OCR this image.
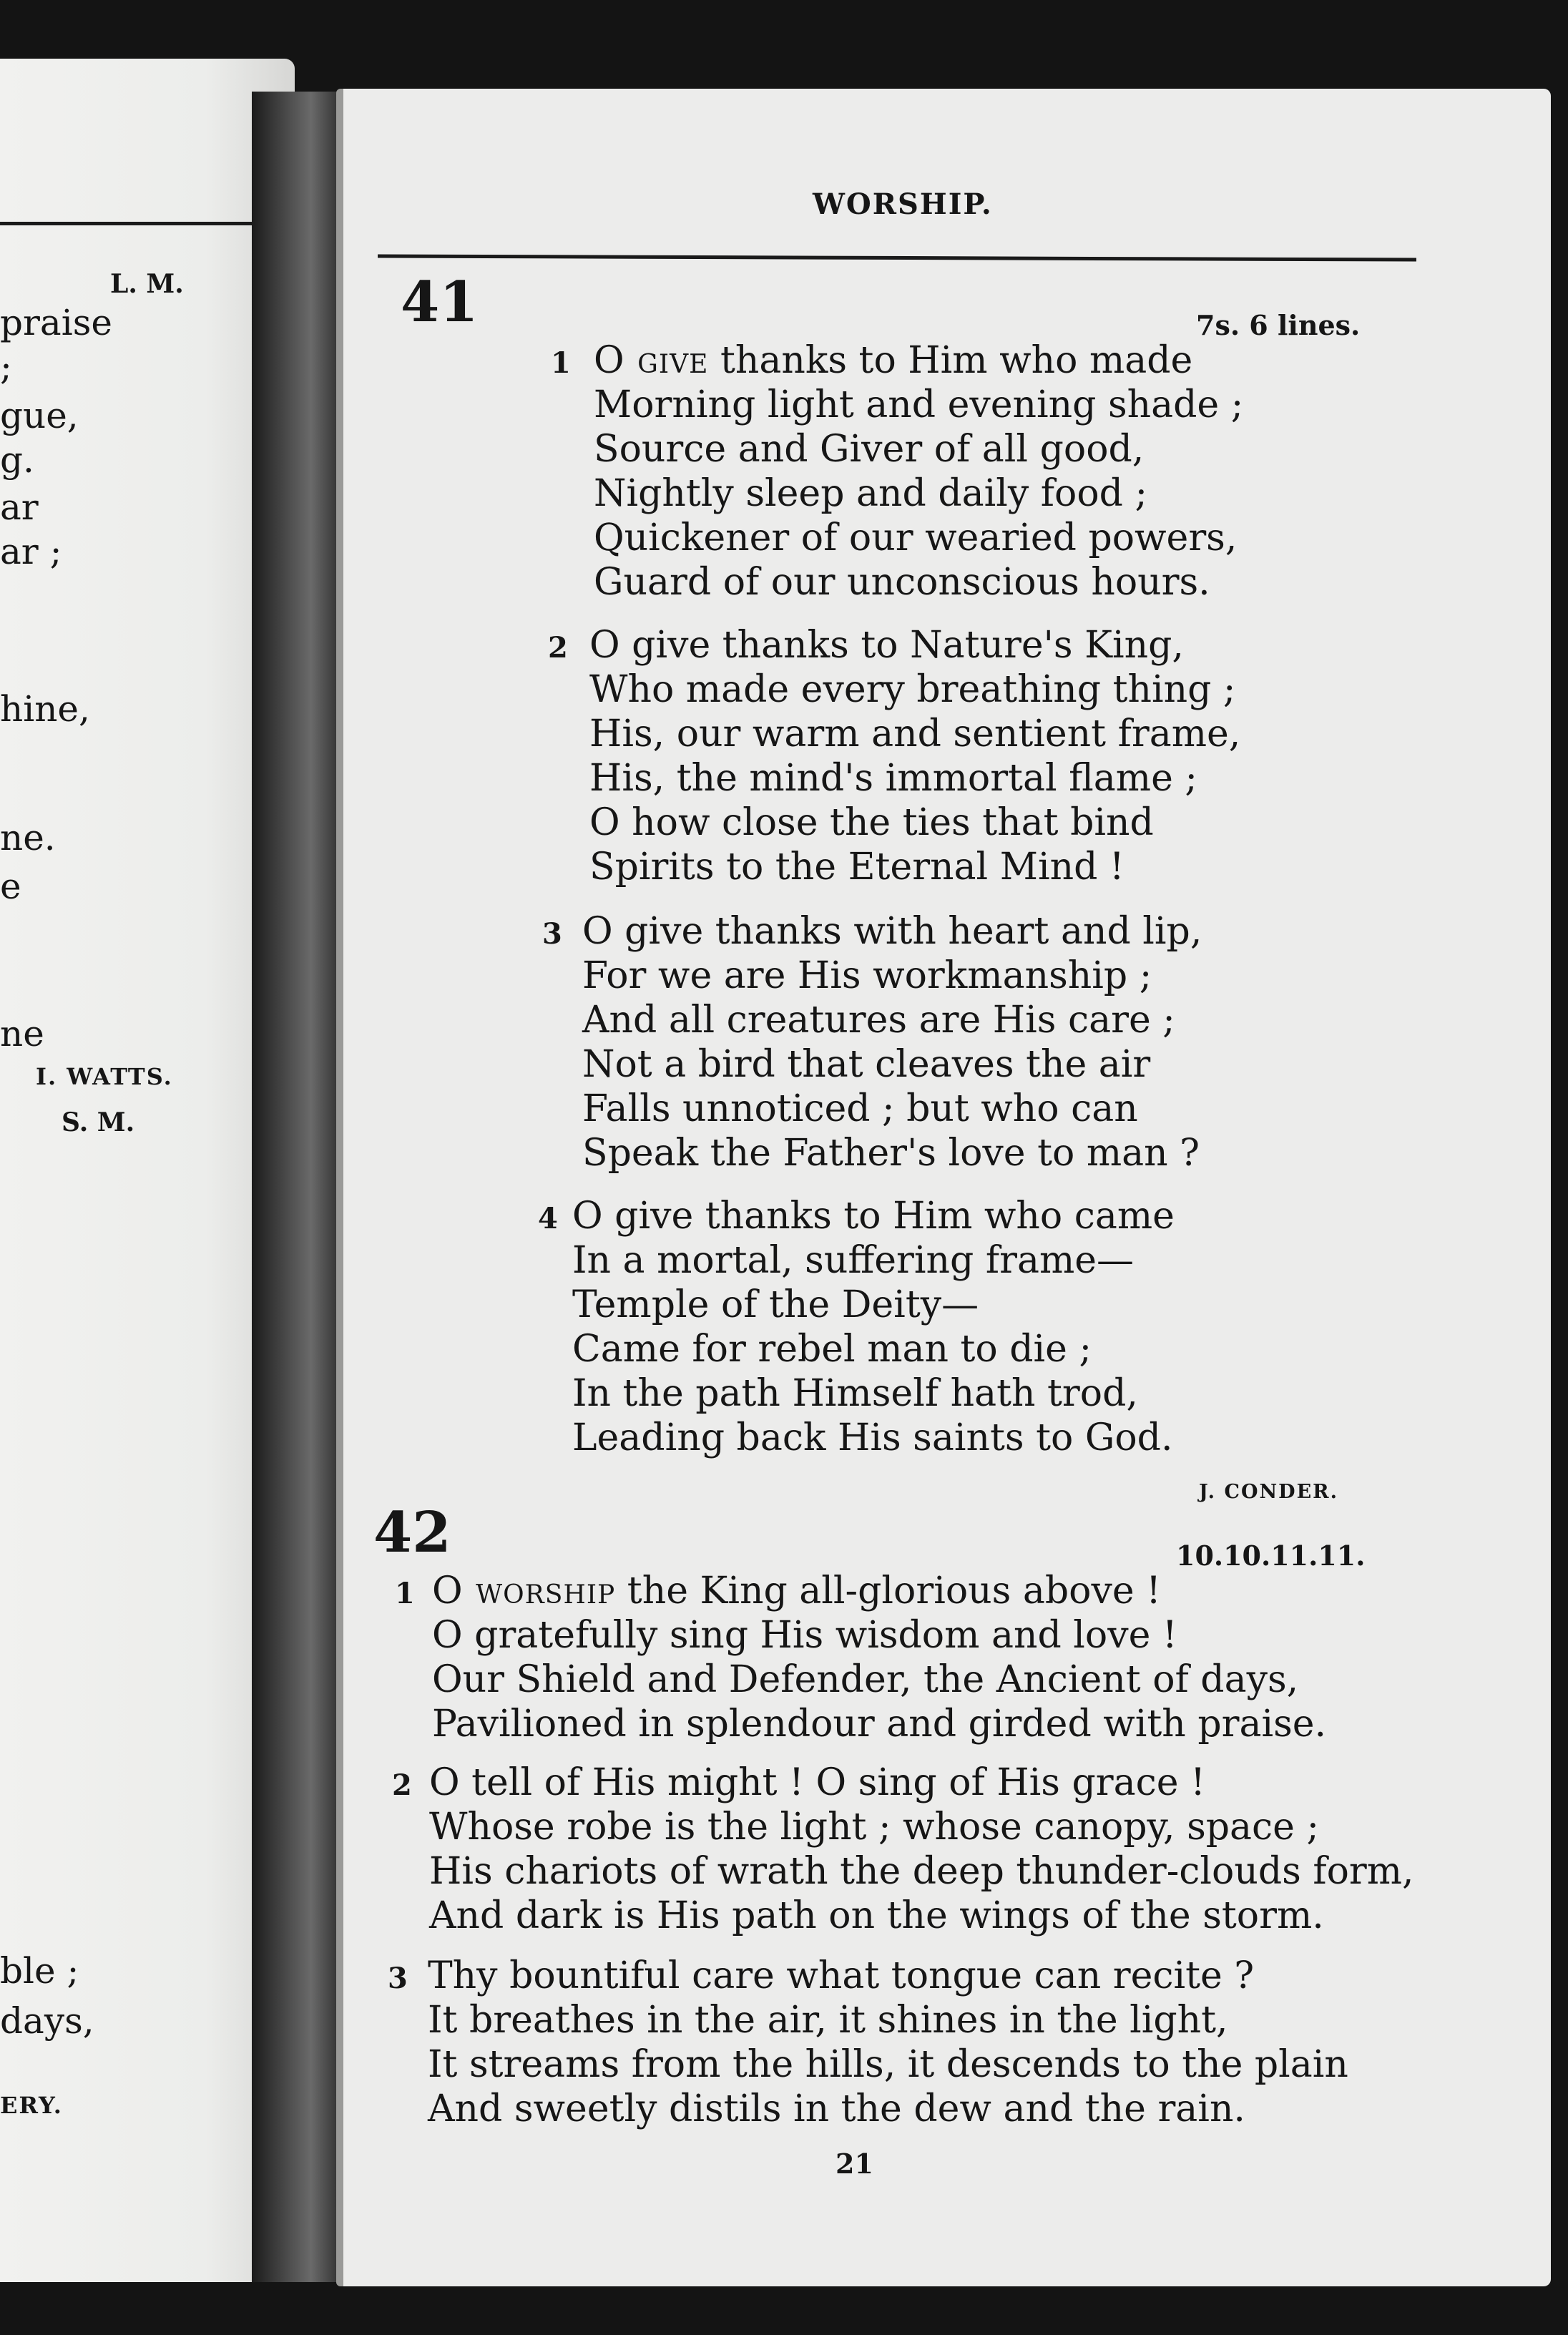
L. M.
praise
;
gue,
g.
ar
ar ;
hine,
ne.
e
ne
I. WATTS.
S. M.
ble ;
days,
ERY.
WORSHIP.
41	7s. 6 lines.
J. CONDER.
1 O give thanks to Him who made
Morning light and evening shade ;
Source and Giver of all good,
Nightly sleep and daily food ;
Quickener of our wearied powers,
Guard of our unconscious hours.
2 O give thanks to Nature's King,
Who made every breathing thing ;
His, our warm and sentient frame,
His, the mind's immortal flame ;
O how close the ties that bind
Spirits to the Eternal Mind !
3 O give thanks with heart and lip,
For we are His workmanship ;
And all creatures are His care ;
Not a bird that cleaves the air
Falls unnoticed ; but who can
Speak the Father's love to man ?
4 O give thanks to Him who came
In a mortal, suffering frame—
Temple of the Deity—
Came for rebel man to die ;
In the path Himself hath trod,
Leading back His saints to God.
42	10.10.11.11.
1 O worship the King all-glorious above !
O gratefully sing His wisdom and love !
Our Shield and Defender, the Ancient of days,
Pavilioned in splendour and girded with praise.
2 O tell of His might ! O sing of His grace !
Whose robe is the light ; whose canopy, space ;
His chariots of wrath the deep thunder-clouds form,
And dark is His path on the wings of the storm.
3 Thy bountiful care what tongue can recite ?
It breathes in the air, it shines in the light,
It streams from the hills, it descends to the plain
And sweetly distils in the dew and the rain.
21
